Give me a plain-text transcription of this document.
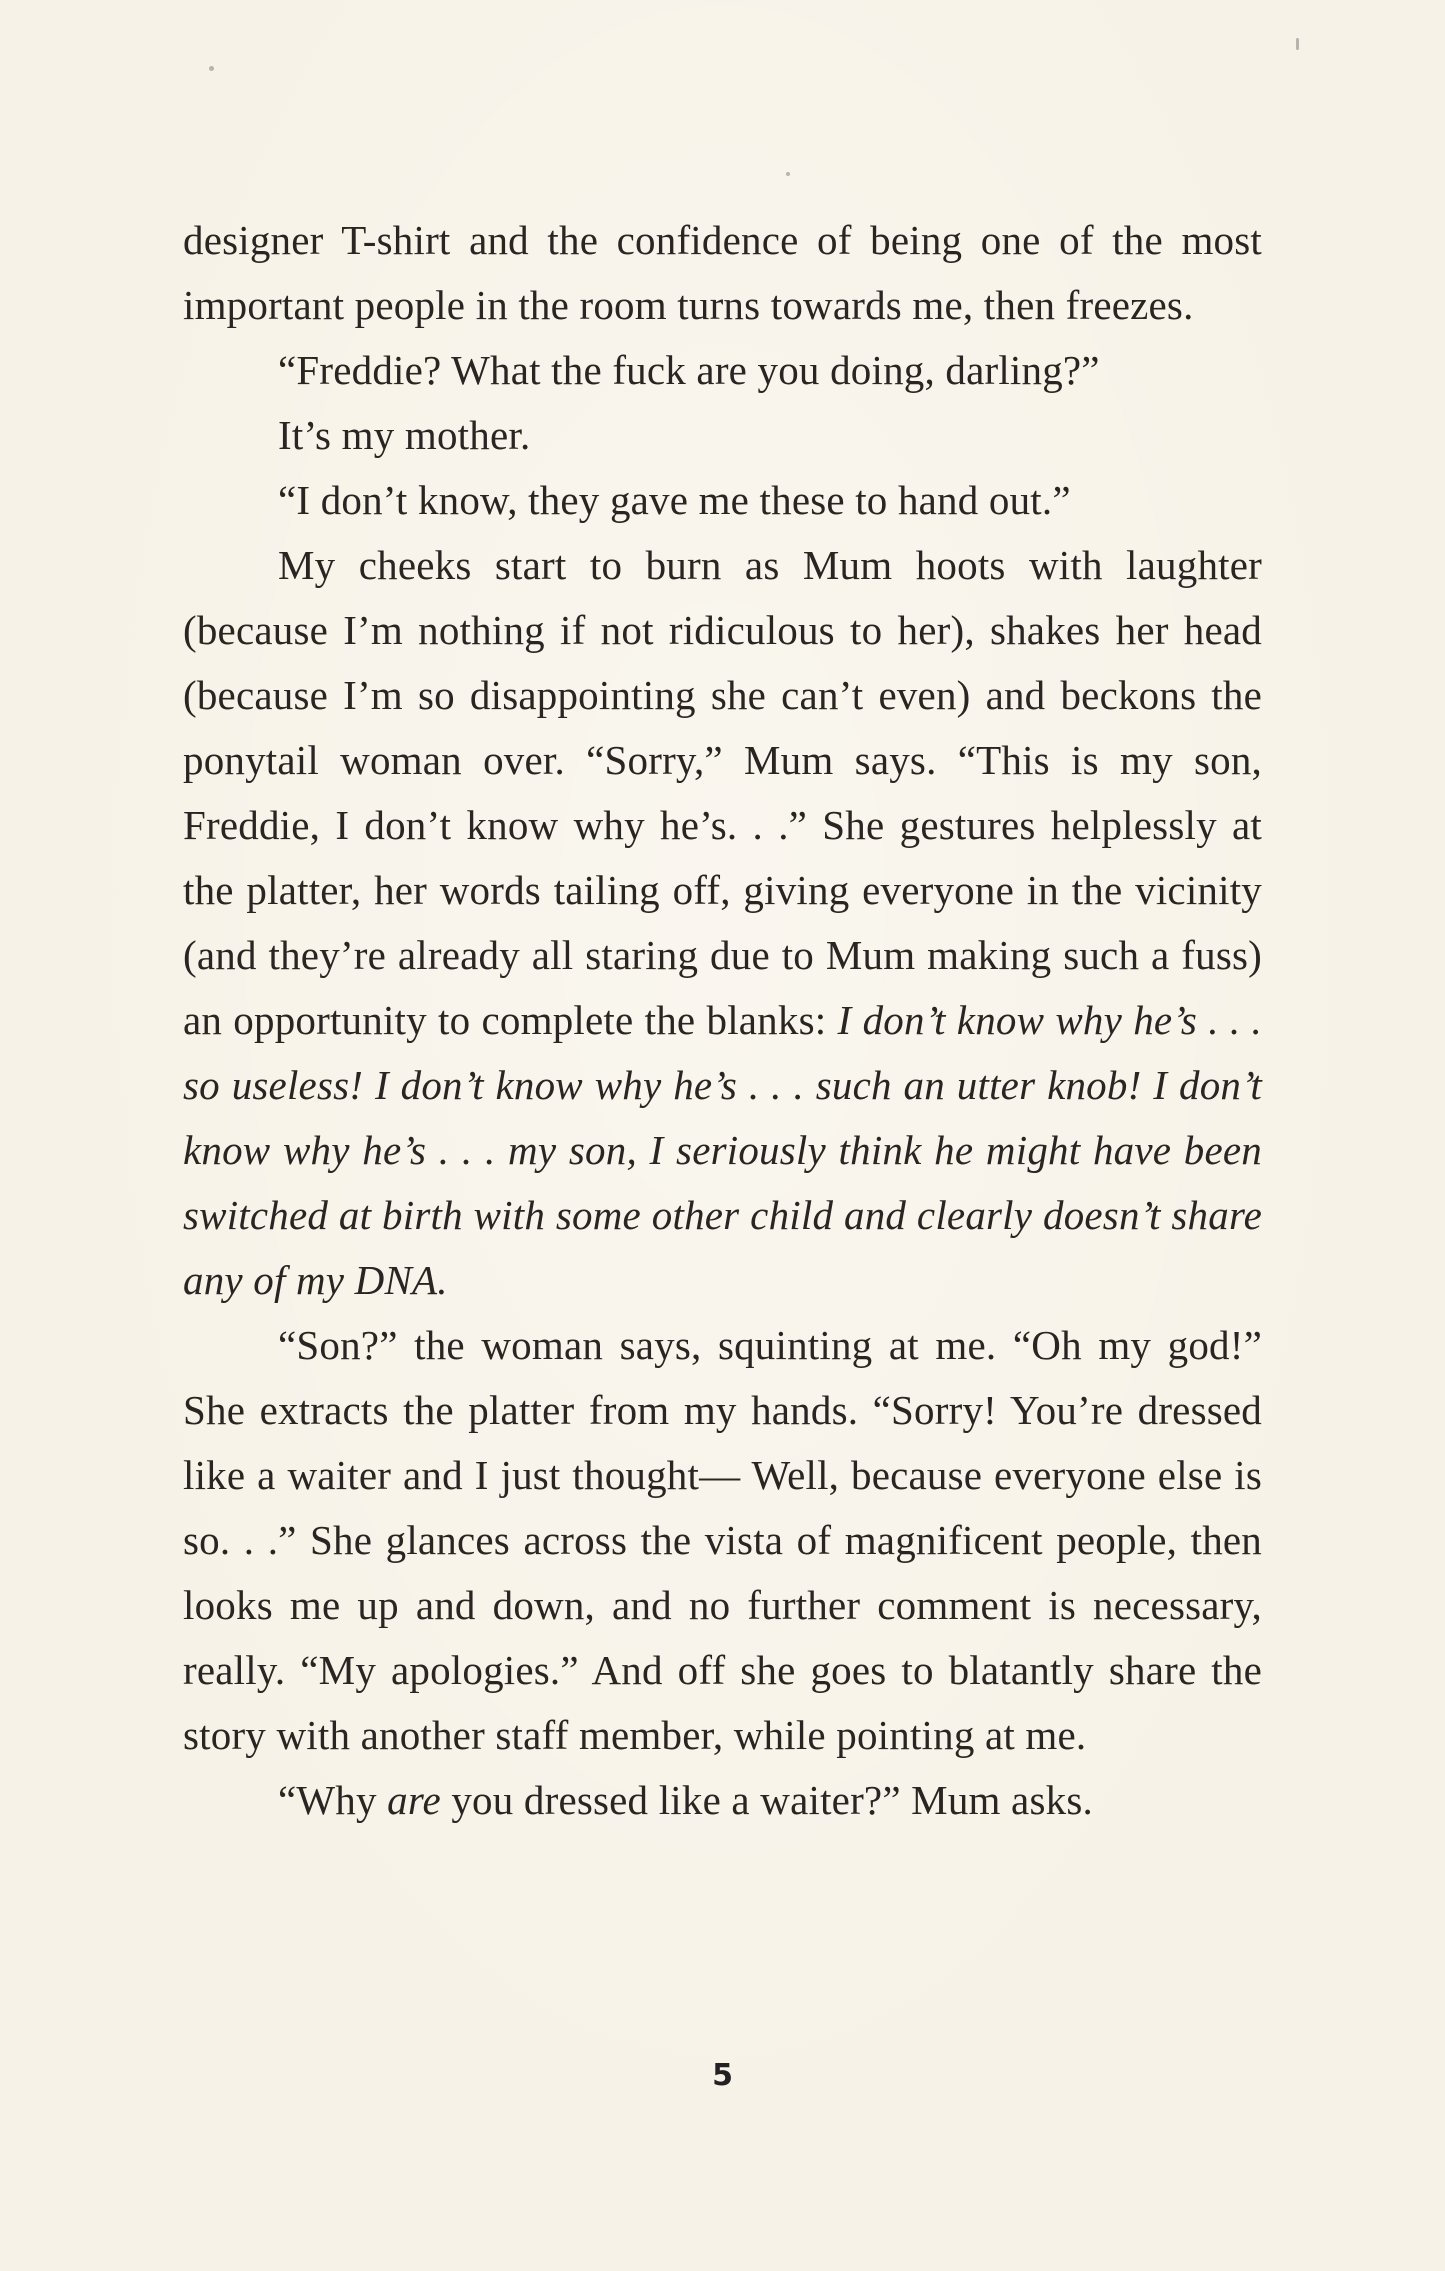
designer T-shirt and the confidence of being one of the most important people in the room turns towards me, then freezes.

“Freddie? What the fuck are you doing, darling?”

It’s my mother.

“I don’t know, they gave me these to hand out.”

My cheeks start to burn as Mum hoots with laughter (because I’m nothing if not ridiculous to her), shakes her head (because I’m so disappointing she can’t even) and beckons the ponytail woman over. “Sorry,” Mum says. “This is my son, Freddie, I don’t know why he’s. . .” She gestures helplessly at the platter, her words tailing off, giving everyone in the vicinity (and they’re already all staring due to Mum making such a fuss) an opportunity to complete the blanks: I don’t know why he’s . . . so useless! I don’t know why he’s . . . such an utter knob! I don’t know why he’s . . . my son, I seriously think he might have been switched at birth with some other child and clearly doesn’t share any of my DNA.

“Son?” the woman says, squinting at me. “Oh my god!” She extracts the platter from my hands. “Sorry! You’re dressed like a waiter and I just thought— Well, because everyone else is so. . .” She glances across the vista of magnificent people, then looks me up and down, and no further comment is necessary, really. “My apologies.” And off she goes to blatantly share the story with another staff member, while pointing at me.

“Why are you dressed like a waiter?” Mum asks.

5
